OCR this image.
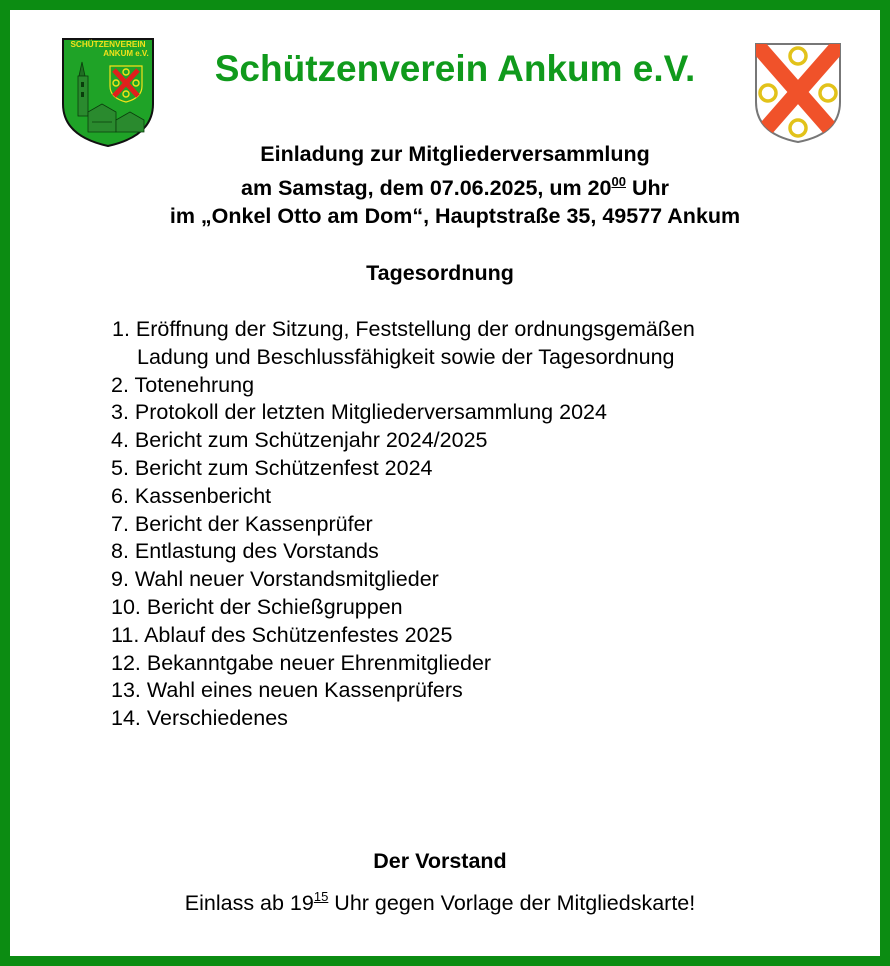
SCHÜTZENVEREIN
ANKUM e.V.	Schützenverein Ankum e.V.
Einladung zur Mitgliederversammlung
am Samstag, dem 07.06.2025, um $20^{00}$ Uhr
im „Onkel Otto am Dom“, Hauptstraße 35, 49577 Ankum
Tagesordnung
1. Eröffnung der Sitzung, Feststellung der ordnungsgemäßen
Ladung und Beschlussfähigkeit sowie der Tagesordnung
2. Totenehrung
3. Protokoll der letzten Mitgliederversammlung 2024
4. Bericht zum Schützenjahr 2024/2025
5. Bericht zum Schützenfest 2024
6. Kassenbericht
7. Bericht der Kassenprüfer
8. Entlastung des Vorstands
9. Wahl neuer Vorstandsmitglieder
10. Bericht der Schießgruppen
11. Ablauf des Schützenfestes 2025
12. Bekanntgabe neuer Ehrenmitglieder
13. Wahl eines neuen Kassenprüfers
14. Verschiedenes
Der Vorstand
Einlass ab $19^{15}$ Uhr gegen Vorlage der Mitgliedskarte!
